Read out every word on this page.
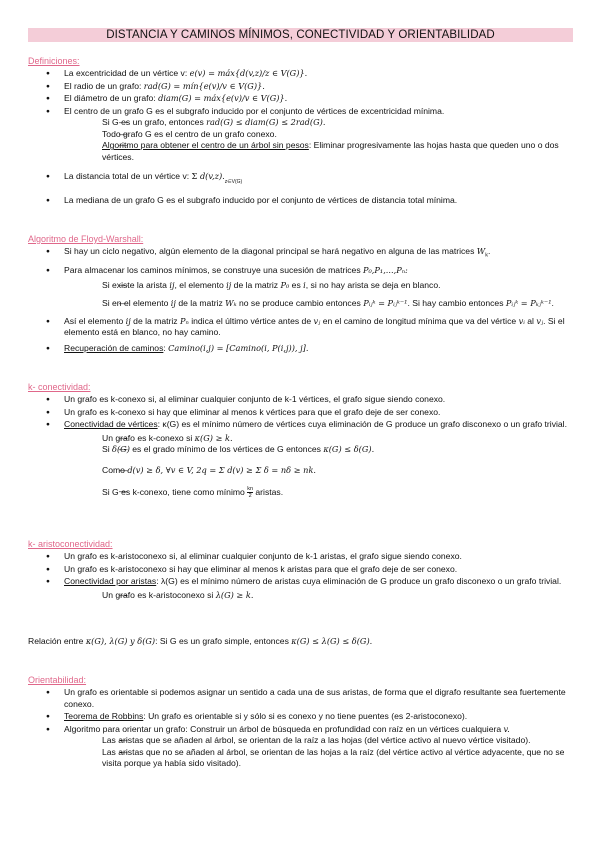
DISTANCIA Y CAMINOS MÍNIMOS, CONECTIVIDAD Y ORIENTABILIDAD
Definiciones:
● La excentricidad de un vértice v: e(v) = máx{d(v,z)/z ∈ V(G)}.
● El radio de un grafo: rad(G) = mín{e(v)/v ∈ V(G)}.
● El diámetro de un grafo: diam(G) = máx{e(v)/v ∈ V(G)}.
● El centro de un grafo G es el subgrafo inducido por el conjunto de vértices de excentricidad mínima.
— Si G es un grafo, entonces rad(G) ≤ diam(G) ≤ 2rad(G).
— Todo grafo G es el centro de un grafo conexo.
— Algoritmo para obtener el centro de un árbol sin pesos: Eliminar progresivamente las hojas hasta que queden uno o dos vértices.
● La distancia total de un vértice v: Σ $d(v,z)._{z\in V(G)}$
● La mediana de un grafo G es el subgrafo inducido por el conjunto de vértices de distancia total mínima.
Algoritmo de Floyd-Warshall:
● Si hay un ciclo negativo, algún elemento de la diagonal principal se hará negativo en alguna de las matrices $W_k$.
● Para almacenar los caminos mínimos, se construye una sucesión de matrices P₀,P₁,...,Pₙ:
— Si existe la arista ij, el elemento ij de la matriz P₀ es i, si no hay arista se deja en blanco.
— Si en el elemento ij de la matriz Wₖ no se produce cambio entonces Pᵢⱼᵏ = Pᵢⱼᵏ⁻¹. Si hay cambio entonces Pᵢⱼᵏ = Pₖⱼᵏ⁻¹.
● Así el elemento ij de la matriz Pₙ indica el último vértice antes de vⱼ en el camino de longitud mínima que va del vértice vᵢ al vⱼ. Si el elemento está en blanco, no hay camino.
● Recuperación de caminos: Camino(i,j) = [Camino(i, P(i,j)), j].
k- conectividad:
● Un grafo es k-conexo si, al eliminar cualquier conjunto de k-1 vértices, el grafo sigue siendo conexo.
● Un grafo es k-conexo si hay que eliminar al menos k vértices para que el grafo deje de ser conexo.
● Conectividad de vértices: κ(G) es el mínimo número de vértices cuya eliminación de G produce un grafo disconexo o un grafo trivial.
— Un grafo es k-conexo si κ(G) ≥ k.
— Si δ(G) es el grado mínimo de los vértices de G entonces κ(G) ≤ δ(G).
— Como d(v) ≥ δ, ∀v ∈ V, 2q = Σ d(v) ≥ Σ δ = nδ ≥ nk.
— Si G es k-conexo, tiene como mínimo $\frac{kn}{2}$ aristas.
k- aristoconectividad:
● Un grafo es k-aristoconexo si, al eliminar cualquier conjunto de k-1 aristas, el grafo sigue siendo conexo.
● Un grafo es k-aristoconexo si hay que eliminar al menos k aristas para que el grafo deje de ser conexo.
● Conectividad por aristas: λ(G) es el mínimo número de aristas cuya eliminación de G produce un grafo disconexo o un grafo trivial.
— Un grafo es k-aristoconexo si λ(G) ≥ k.
Relación entre κ(G), λ(G) y δ(G): Si G es un grafo simple, entonces κ(G) ≤ λ(G) ≤ δ(G).
Orientabilidad:
● Un grafo es orientable si podemos asignar un sentido a cada una de sus aristas, de forma que el digrafo resultante sea fuertemente conexo.
● Teorema de Robbins: Un grafo es orientable si y sólo si es conexo y no tiene puentes (es 2-aristoconexo).
● Algoritmo para orientar un grafo: Construir un árbol de búsqueda en profundidad con raíz en un vértices cualquiera v.
— Las aristas que se añaden al árbol, se orientan de la raíz a las hojas (del vértice activo al nuevo vértice visitado).
— Las aristas que no se añaden al árbol, se orientan de las hojas a la raíz (del vértice activo al vértice adyacente, que no se visita porque ya había sido visitado).
